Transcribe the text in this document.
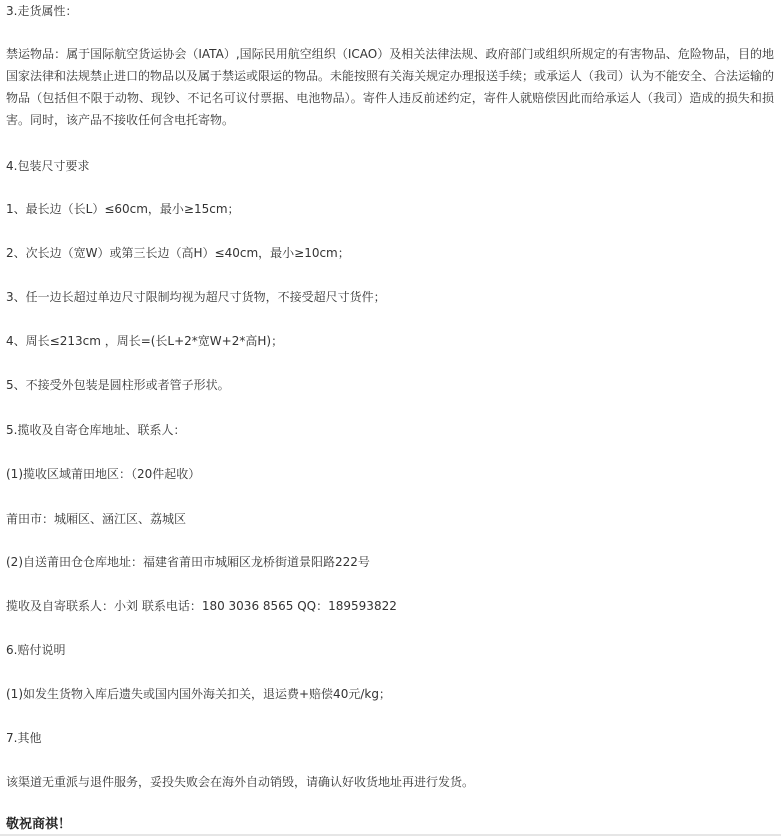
3.走货属性：
禁运物品：属于国际航空货运协会（IATA）,国际民用航空组织（ICAO）及相关法律法规、政府部门或组织所规定的有害物品、危险物品，目的地国家法律和法规禁止进口的物品以及属于禁运或限运的物品。未能按照有关海关规定办理报送手续；或承运人（我司）认为不能安全、合法运输的物品（包括但不限于动物、现钞、不记名可议付票据、电池物品）。寄件人违反前述约定，寄件人就赔偿因此而给承运人（我司）造成的损失和损害。同时，该产品不接收任何含电托寄物。
4.包装尺寸要求
1、最长边（长L）≤60cm，最小≥15cm；
2、次长边（宽W）或第三长边（高H）≤40cm，最小≥10cm；
3、任一边长超过单边尺寸限制均视为超尺寸货物，不接受超尺寸货件；
4、周长≤213cm ，周长=(长L+2*宽W+2*高H)；
5、不接受外包装是圆柱形或者管子形状。
5.揽收及自寄仓库地址、联系人：
(1)揽收区域莆田地区：（20件起收）
莆田市：城厢区、涵江区、荔城区
(2)自送莆田仓仓库地址：福建省莆田市城厢区龙桥街道景阳路222号
揽收及自寄联系人：小刘 联系电话：180 3036 8565 QQ：189593822
6.赔付说明
(1)如发生货物入库后遗失或国内国外海关扣关，退运费+赔偿40元/kg；
7.其他
该渠道无重派与退件服务，妥投失败会在海外自动销毁，请确认好收货地址再进行发货。
敬祝商祺！
